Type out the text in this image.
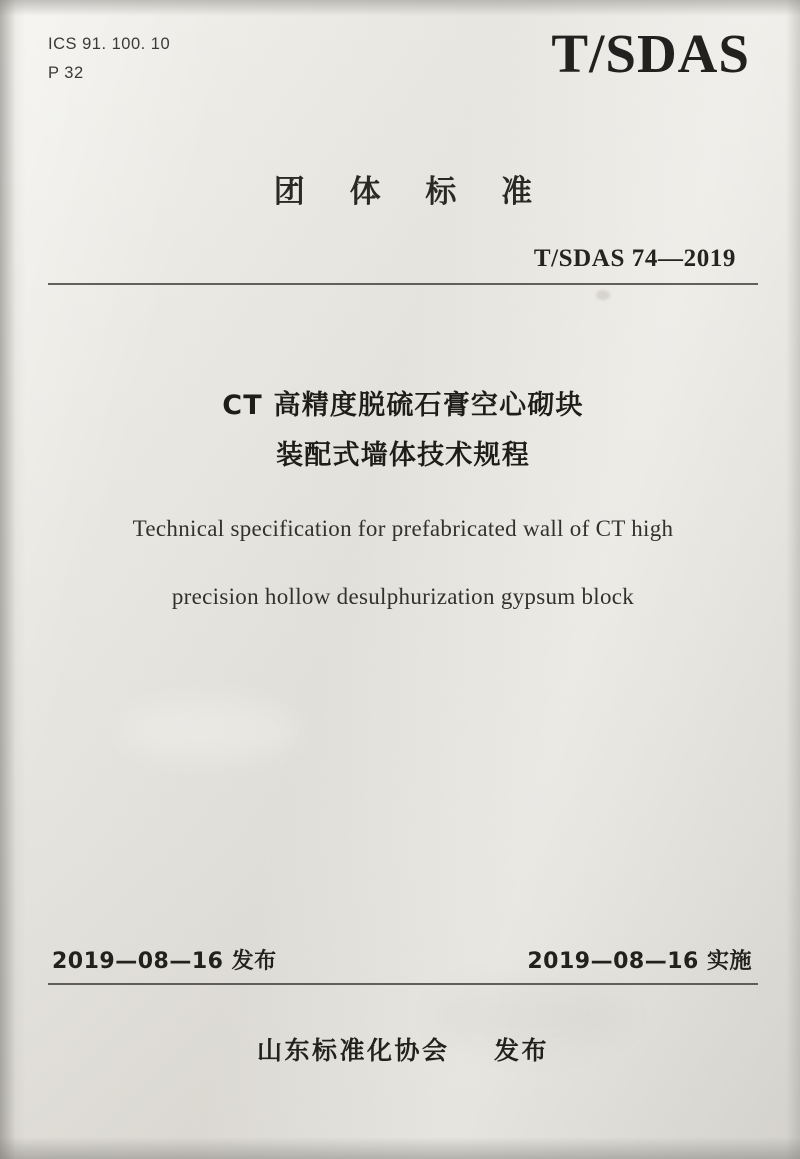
ICS 91. 100. 10
P 32	T/SDAS
团 体 标 准
T/SDAS 74—2019
CT 高精度脱硫石膏空心砌块
装配式墙体技术规程
Technical specification for prefabricated wall of CT high
precision hollow desulphurization gypsum block
2019—08—16 发布	2019—08—16 实施
山东标准化协会 发布
